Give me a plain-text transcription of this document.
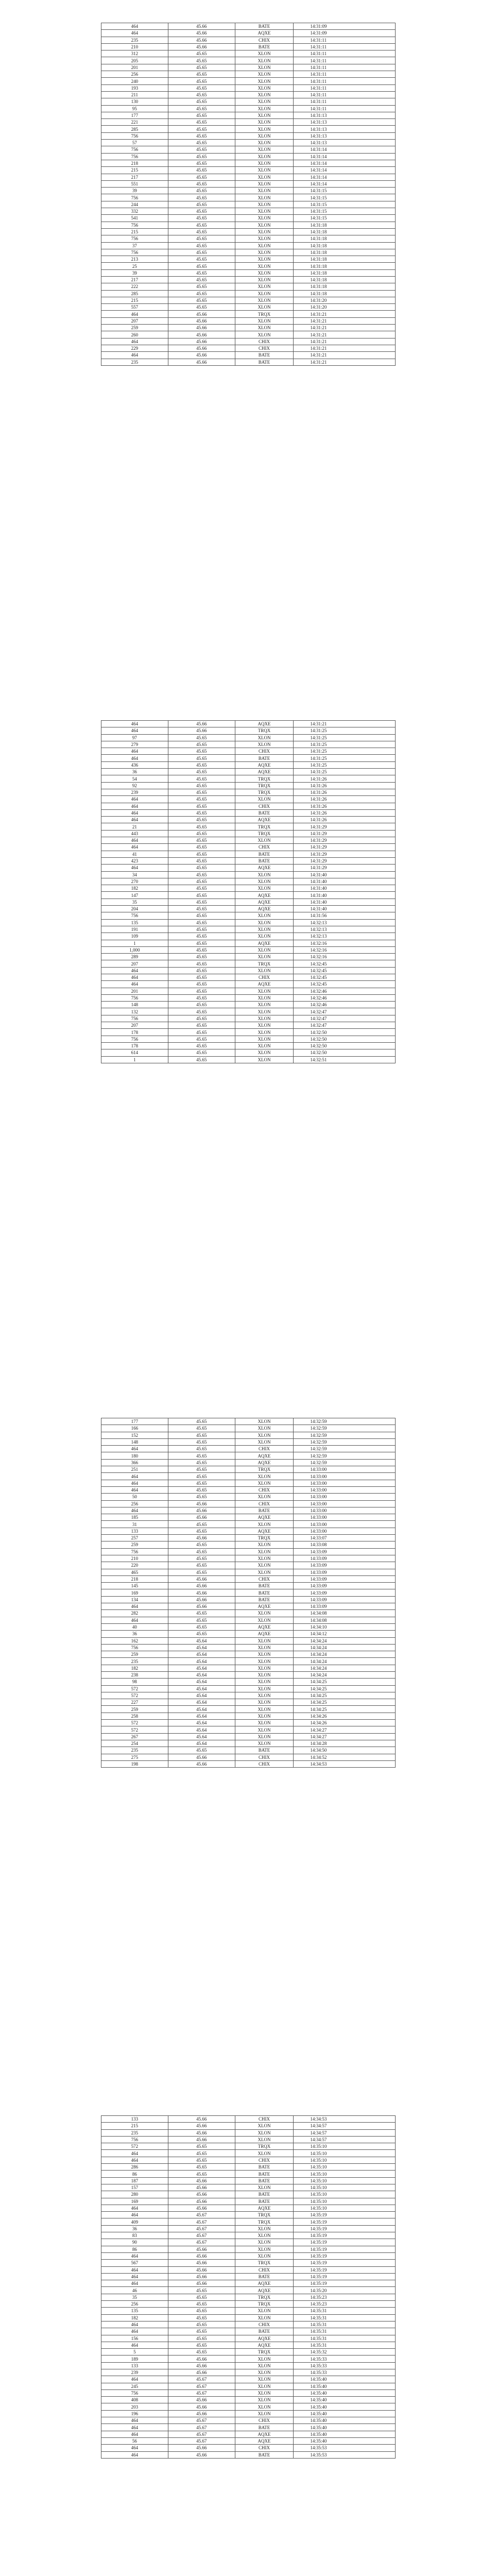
464	45.66	BATE	14:31:09
464	45.66	AQXE	14:31:09
235	45.66	CHIX	14:31:11
210	45.66	BATE	14:31:11
312	45.65	XLON	14:31:11
205	45.65	XLON	14:31:11
201	45.65	XLON	14:31:11
256	45.65	XLON	14:31:11
240	45.65	XLON	14:31:11
193	45.65	XLON	14:31:11
211	45.65	XLON	14:31:11
130	45.65	XLON	14:31:11
95	45.65	XLON	14:31:11
177	45.65	XLON	14:31:13
221	45.65	XLON	14:31:13
285	45.65	XLON	14:31:13
756	45.65	XLON	14:31:13
57	45.65	XLON	14:31:13
756	45.65	XLON	14:31:14
756	45.65	XLON	14:31:14
218	45.65	XLON	14:31:14
215	45.65	XLON	14:31:14
217	45.65	XLON	14:31:14
551	45.65	XLON	14:31:14
39	45.65	XLON	14:31:15
756	45.65	XLON	14:31:15
244	45.65	XLON	14:31:15
332	45.65	XLON	14:31:15
541	45.65	XLON	14:31:15
756	45.65	XLON	14:31:18
215	45.65	XLON	14:31:18
756	45.65	XLON	14:31:18
37	45.65	XLON	14:31:18
756	45.65	XLON	14:31:18
213	45.65	XLON	14:31:18
25	45.65	XLON	14:31:18
39	45.65	XLON	14:31:18
217	45.65	XLON	14:31:18
222	45.65	XLON	14:31:18
285	45.65	XLON	14:31:18
215	45.65	XLON	14:31:20
557	45.65	XLON	14:31:20
464	45.66	TRQX	14:31:21
207	45.66	XLON	14:31:21
259	45.66	XLON	14:31:21
260	45.66	XLON	14:31:21
464	45.66	CHIX	14:31:21
229	45.66	CHIX	14:31:21
464	45.66	BATE	14:31:21
235	45.66	BATE	14:31:21
464	45.66	AQXE	14:31:21
464	45.66	TRQX	14:31:25
97	45.65	XLON	14:31:25
279	45.65	XLON	14:31:25
464	45.65	CHIX	14:31:25
464	45.65	BATE	14:31:25
436	45.65	AQXE	14:31:25
36	45.65	AQXE	14:31:25
54	45.65	TRQX	14:31:26
92	45.65	TRQX	14:31:26
239	45.65	TRQX	14:31:26
464	45.65	XLON	14:31:26
464	45.65	CHIX	14:31:26
464	45.65	BATE	14:31:26
464	45.65	AQXE	14:31:26
21	45.65	TRQX	14:31:29
443	45.65	TRQX	14:31:29
464	45.65	XLON	14:31:29
464	45.65	CHIX	14:31:29
41	45.65	BATE	14:31:29
423	45.65	BATE	14:31:29
464	45.65	AQXE	14:31:29
34	45.65	XLON	14:31:40
270	45.65	XLON	14:31:40
182	45.65	XLON	14:31:40
147	45.65	AQXE	14:31:40
35	45.65	AQXE	14:31:40
204	45.65	AQXE	14:31:40
756	45.65	XLON	14:31:56
135	45.65	XLON	14:32:13
191	45.65	XLON	14:32:13
109	45.65	XLON	14:32:13
1	45.65	AQXE	14:32:16
1,000	45.65	XLON	14:32:16
289	45.65	XLON	14:32:16
207	45.65	TRQX	14:32:45
464	45.65	XLON	14:32:45
464	45.65	CHIX	14:32:45
464	45.65	AQXE	14:32:45
201	45.65	XLON	14:32:46
756	45.65	XLON	14:32:46
148	45.65	XLON	14:32:46
132	45.65	XLON	14:32:47
756	45.65	XLON	14:32:47
207	45.65	XLON	14:32:47
178	45.65	XLON	14:32:50
756	45.65	XLON	14:32:50
178	45.65	XLON	14:32:50
614	45.65	XLON	14:32:50
1	45.65	XLON	14:32:51
177	45.65	XLON	14:32:59
166	45.65	XLON	14:32:59
152	45.65	XLON	14:32:59
148	45.65	XLON	14:32:59
464	45.65	CHIX	14:32:59
180	45.65	AQXE	14:32:59
366	45.65	AQXE	14:32:59
251	45.65	TRQX	14:33:00
464	45.65	XLON	14:33:00
464	45.65	XLON	14:33:00
464	45.65	CHIX	14:33:00
50	45.65	XLON	14:33:00
256	45.66	CHIX	14:33:00
464	45.66	BATE	14:33:00
185	45.66	AQXE	14:33:00
31	45.65	XLON	14:33:00
133	45.65	AQXE	14:33:00
257	45.66	TRQX	14:33:07
259	45.65	XLON	14:33:08
756	45.65	XLON	14:33:09
210	45.65	XLON	14:33:09
220	45.65	XLON	14:33:09
465	45.65	XLON	14:33:09
218	45.66	CHIX	14:33:09
145	45.66	BATE	14:33:09
169	45.66	BATE	14:33:09
134	45.66	BATE	14:33:09
464	45.66	AQXE	14:33:09
282	45.65	XLON	14:34:08
464	45.65	XLON	14:34:08
40	45.65	AQXE	14:34:10
36	45.65	AQXE	14:34:12
162	45.64	XLON	14:34:24
756	45.64	XLON	14:34:24
259	45.64	XLON	14:34:24
235	45.64	XLON	14:34:24
182	45.64	XLON	14:34:24
238	45.64	XLON	14:34:24
98	45.64	XLON	14:34:25
572	45.64	XLON	14:34:25
572	45.64	XLON	14:34:25
227	45.64	XLON	14:34:25
259	45.64	XLON	14:34:25
258	45.64	XLON	14:34:26
572	45.64	XLON	14:34:26
572	45.64	XLON	14:34:27
267	45.64	XLON	14:34:27
254	45.64	XLON	14:34:28
235	45.65	BATE	14:34:50
275	45.66	CHIX	14:34:52
198	45.66	CHIX	14:34:53
133	45.66	CHIX	14:34:53
215	45.66	XLON	14:34:57
235	45.66	XLON	14:34:57
756	45.66	XLON	14:34:57
572	45.65	TRQX	14:35:10
464	45.65	XLON	14:35:10
464	45.65	CHIX	14:35:10
286	45.65	BATE	14:35:10
86	45.65	BATE	14:35:10
187	45.66	BATE	14:35:10
157	45.66	XLON	14:35:10
280	45.66	BATE	14:35:10
169	45.66	BATE	14:35:10
464	45.66	AQXE	14:35:10
464	45.67	TRQX	14:35:19
409	45.67	TRQX	14:35:19
36	45.67	XLON	14:35:19
83	45.67	XLON	14:35:19
90	45.67	XLON	14:35:19
86	45.66	XLON	14:35:19
464	45.66	XLON	14:35:19
567	45.66	TRQX	14:35:19
464	45.66	CHIX	14:35:19
464	45.66	BATE	14:35:19
464	45.66	AQXE	14:35:19
46	45.65	AQXE	14:35:20
35	45.65	TRQX	14:35:23
256	45.65	TRQX	14:35:23
135	45.65	XLON	14:35:31
182	45.65	XLON	14:35:31
464	45.65	CHIX	14:35:31
464	45.65	BATE	14:35:31
156	45.65	AQXE	14:35:31
464	45.65	AQXE	14:35:31
5	45.65	TRQX	14:35:32
189	45.66	XLON	14:35:33
133	45.66	XLON	14:35:33
239	45.66	XLON	14:35:33
464	45.67	XLON	14:35:40
245	45.67	XLON	14:35:40
756	45.67	XLON	14:35:40
408	45.66	XLON	14:35:40
203	45.66	XLON	14:35:40
196	45.66	XLON	14:35:40
464	45.67	CHIX	14:35:40
464	45.67	BATE	14:35:40
464	45.67	AQXE	14:35:40
56	45.67	AQXE	14:35:40
464	45.66	CHIX	14:35:53
464	45.66	BATE	14:35:53
